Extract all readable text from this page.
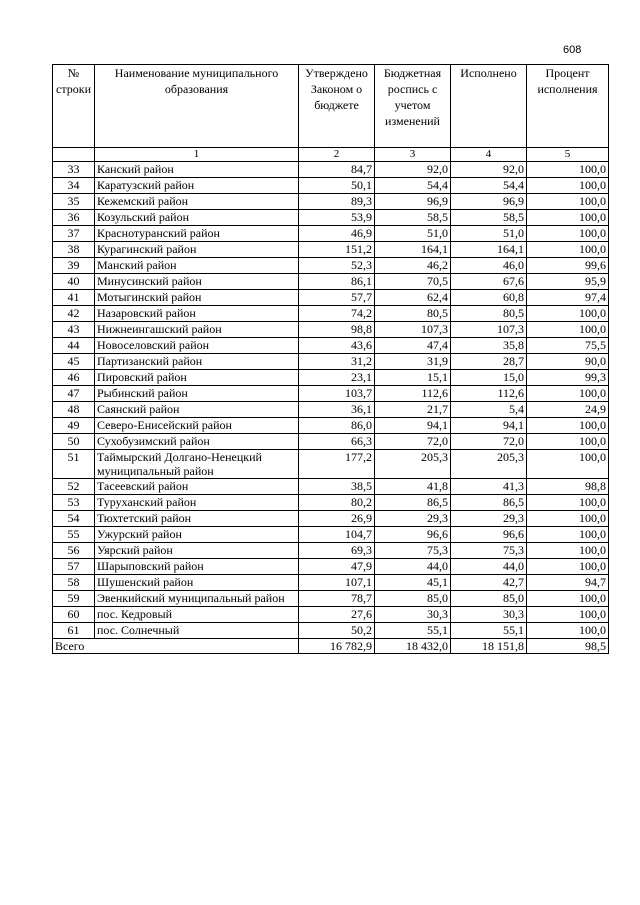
608
№ строки	Наименование муниципального образования	Утверждено Законом о бюджете	Бюджетная роспись с учетом изменений	Исполнено	Процент исполнения
	1	2	3	4	5
33	Канский район	84,7	92,0	92,0	100,0
34	Каратузский район	50,1	54,4	54,4	100,0
35	Кежемский район	89,3	96,9	96,9	100,0
36	Козульский район	53,9	58,5	58,5	100,0
37	Краснотуранский район	46,9	51,0	51,0	100,0
38	Курагинский район	151,2	164,1	164,1	100,0
39	Манский район	52,3	46,2	46,0	99,6
40	Минусинский район	86,1	70,5	67,6	95,9
41	Мотыгинский район	57,7	62,4	60,8	97,4
42	Назаровский район	74,2	80,5	80,5	100,0
43	Нижнеингашский район	98,8	107,3	107,3	100,0
44	Новоселовский район	43,6	47,4	35,8	75,5
45	Партизанский район	31,2	31,9	28,7	90,0
46	Пировский район	23,1	15,1	15,0	99,3
47	Рыбинский район	103,7	112,6	112,6	100,0
48	Саянский район	36,1	21,7	5,4	24,9
49	Северо-Енисейский район	86,0	94,1	94,1	100,0
50	Сухобузимский район	66,3	72,0	72,0	100,0
51	Таймырский Долгано-Ненецкий муниципальный район	177,2	205,3	205,3	100,0
52	Тасеевский район	38,5	41,8	41,3	98,8
53	Туруханский район	80,2	86,5	86,5	100,0
54	Тюхтетский район	26,9	29,3	29,3	100,0
55	Ужурский район	104,7	96,6	96,6	100,0
56	Уярский район	69,3	75,3	75,3	100,0
57	Шарыповский район	47,9	44,0	44,0	100,0
58	Шушенский район	107,1	45,1	42,7	94,7
59	Эвенкийский муниципальный район	78,7	85,0	85,0	100,0
60	пос. Кедровый	27,6	30,3	30,3	100,0
61	пос. Солнечный	50,2	55,1	55,1	100,0
Всего		16 782,9	18 432,0	18 151,8	98,5
